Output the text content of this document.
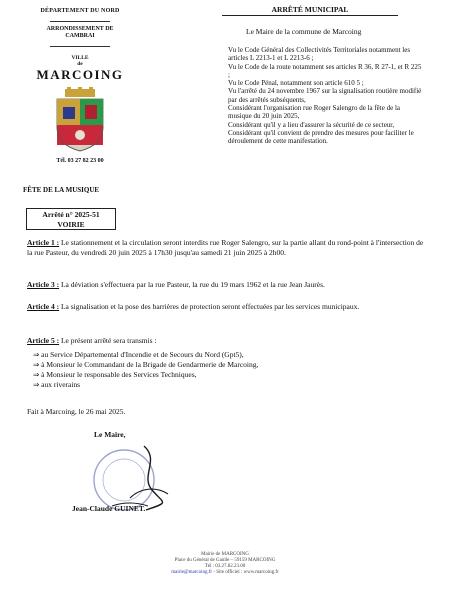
DÉPARTEMENT DU NORD
ARRONDISSEMENT DE CAMBRAI
VILLE
de
MARCOING
Tél. 03 27 82 23 00
ARRÊTÉ MUNICIPAL
Le Maire de la commune de Marcoing

Vu le Code Général des Collectivités Territoriales notamment les articles L 2213-1 et L 2213-6 ;

Vu le Code de la route notamment ses articles R 36, R 27-1, et R 225 ;

Vu le Code Pénal, notamment son article 610 5 ;

Vu l'arrêté du 24 novembre 1967 sur la signalisation routière modifié par des arrêtés subséquents,

Considérant l'organisation rue Roger Salengro de la fête de la musique du 20 juin 2025,

Considérant qu'il y a lieu d'assurer la sécurité de ce secteur,

Considérant qu'il convient de prendre des mesures pour faciliter le déroulement de cette manifestation.

FÊTE DE LA MUSIQUE
Arrêté n° 2025-51
VOIRIE
Article 1 : Le stationnement et la circulation seront interdits rue Roger Salengro, sur la partie allant du rond-point à l'intersection de la rue Pasteur, du vendredi 20 juin 2025 à 17h30 jusqu'au samedi 21 juin 2025 à 2h00.
Article 3 : La déviation s'effectuera par la rue Pasteur, la rue du 19 mars 1962 et la rue Jean Jaurès.
Article 4 : La signalisation et la pose des barrières de protection seront effectuées par les services municipaux.
Article 5 : Le présent arrêté sera transmis :
⇒ au Service Départemental d'Incendie et de Secours du Nord (Gpt5),
⇒ à Monsieur le Commandant de la Brigade de Gendarmerie de Marcoing,
⇒ à Monsieur le responsable des Services Techniques,
⇒ aux riverains
Fait à Marcoing, le 26 mai 2025.
Le Maire,
Jean-Claude GUINET.
Mairie de MARCOING
Place du Général de Gaulle – 59159 MARCOING
Tél : 03.27.82.23.00
mairie@marcoing.fr - Site officiel : www.marcoing.fr
